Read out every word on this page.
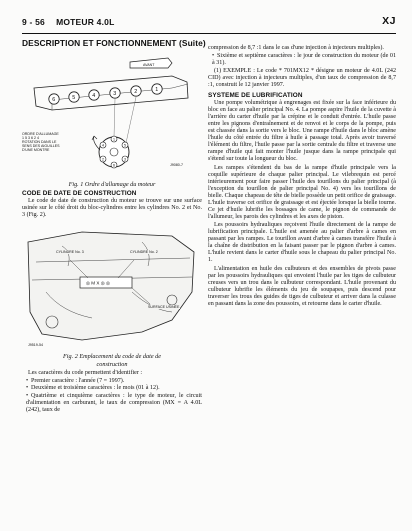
9 - 56 MOTEUR 4.0L	XJ
DESCRIPTION ET FONCTIONNEMENT (Suite)
AVANT
6	5	4	3	2	1
1
5
3
6
2
4
J9080-7
ORDRE D'ALLUMAGE
1 5 3 6 2 4
ROTATION DANS LE
SENS DES AIGUILLES
D'UNE MONTRE
Fig. 1 Ordre d'allumage du moteur
CODE DE DATE DE CONSTRUCTION
Le code de date de construction du moteur se trouve sur une surface usinée sur le côté droit du bloc-cylindres entre les cylindres No. 2 et No. 3 (Fig. 2).
◎ M X ◎ ◎
J9519-54
CYLINDRE No. 3	CYLINDRE No. 2
SURFACE USINÉE
Fig. 2 Emplacement du code de date de
construction
Les caractères du code permettent d'identifier :
• Premier caractère : l'année (7 = 1997).
• Deuxième et troisième caractères : le mois (01 à 12).
• Quatrième et cinquième caractères : le type de moteur, le circuit d'alimentation en carburant, le taux de compression (MX = A 4.0L (242), taux de
compression de 8,7 :1 dans le cas d'une injection à injecteurs multiples).
• Sixième et septième caractères : le jour de construction du moteur (de 01 à 31).
(1) EXEMPLE : Le code * 701MX12 * désigne un moteur de 4.0L (242 CID) avec injection à injecteurs multiples, d'un taux de compression de 8,7 :1, construit le 12 janvier 1997.
SYSTEME DE LUBRIFICATION
Une pompe volumétrique à engrenages est fixée sur la face inférieure du bloc en face au palier principal No. 4. La pompe aspire l'huile de la cuvette à l'arrière du carter d'huile par la crépine et le conduit d'entrée. L'huile passe entre les pignons d'entraînement et de renvoi et le corps de la pompe, puis est chassée dans la sortie vers le bloc. Une rampe d'huile dans le bloc amène l'huile du côté entrée du filtre à huile à passage total. Après avoir traversé l'élément du filtre, l'huile passe par la sortie centrale du filtre et traverse une rampe d'huile qui fait monter l'huile jusque dans la rampe principale qui s'étend sur toute la longueur du bloc.
Les rampes s'étendent du bas de la rampe d'huile principale vers la coquille supérieure de chaque palier principal. Le vilebrequin est percé intérieurement pour faire passer l'huile des tourillons du palier principal (à l'exception du tourillon de palier principal No. 4) vers les tourillons de bielle. Chaque chapeau de tête de bielle possède un petit orifice de graissage. L'huile traverse cet orifice de graissage et est éjectée lorsque la bielle tourne. Ce jet d'huile lubrifie les bossages de came, le pignon de commande de l'allumeur, les parois des cylindres et les axes de piston.
Les poussoirs hydrauliques reçoivent l'huile directement de la rampe de lubrification principale. L'huile est amenée au palier d'arbre à cames en passant par les rampes. Le tourillon avant d'arbre à cames transfère l'huile à la chaîne de distribution en la faisant passer par le pignon d'arbre à cames. L'huile revient dans le carter d'huile sous le chapeau du palier principal No. 1.
L'alimentation en huile des culbuteurs et des ensembles de pivots passe par les poussoirs hydrauliques qui envoient l'huile par les tiges de culbuteur creuses vers un trou dans le culbuteur correspondant. L'huile provenant du culbuteur lubrifie les éléments du jeu de soupapes, puis descend pour traverser les trous des guides de tiges de culbuteur et arriver dans la culasse en passant dans la zone des poussoirs, et retourne dans le carter d'huile.
